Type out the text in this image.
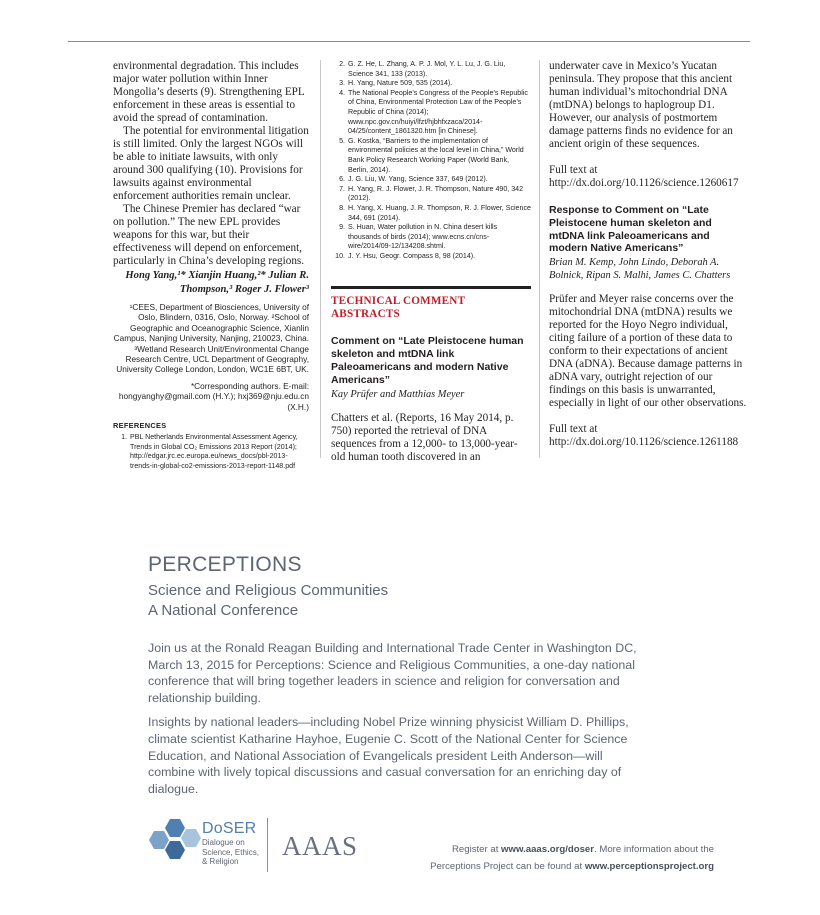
environmental degradation. This includes major water pollution within Inner Mongolia’s deserts (9). Strengthening EPL enforcement in these areas is essential to avoid the spread of contamination.

The potential for environmental litigation is still limited. Only the largest NGOs will be able to initiate lawsuits, with only around 300 qualifying (10). Provisions for lawsuits against environmental enforcement authorities remain unclear.

The Chinese Premier has declared “war on pollution.” The new EPL provides weapons for this war, but their effectiveness will depend on enforcement, particularly in China’s developing regions.

Hong Yang,¹* Xianjin Huang,²* Julian R. Thompson,³ Roger J. Flower³

¹CEES, Department of Biosciences, University of Oslo, Blindern, 0316, Oslo, Norway. ²School of Geographic and Oceanographic Science, Xianlin Campus, Nanjing University, Nanjing, 210023, China. ³Wetland Research Unit/Environmental Change Research Centre, UCL Department of Geography, University College London, London, WC1E 6BT, UK.

*Corresponding authors. E-mail: hongyanghy@gmail.com (H.Y.); hxj369@nju.edu.cn (X.H.)

REFERENCES
1. PBL Netherlands Environmental Assessment Agency, Trends in Global CO₂ Emissions 2013 Report (2014); http://edgar.jrc.ec.europa.eu/news_docs/pbl-2013-trends-in-global-co2-emissions-2013-report-1148.pdf
2. G. Z. He, L. Zhang, A. P. J. Mol, Y. L. Lu, J. G. Liu, Science 341, 133 (2013).
3. H. Yang, Nature 509, 535 (2014).
4. The National People’s Congress of the People’s Republic of China, Environmental Protection Law of the People’s Republic of China (2014); www.npc.gov.cn/huiyi/lfzt/hjbhfxzaca/2014-04/25/content_1861320.htm [in Chinese].
5. G. Kostka, “Barriers to the implementation of environmental policies at the local level in China,” World Bank Policy Research Working Paper (World Bank, Berlin, 2014).
6. J. G. Liu, W. Yang, Science 337, 649 (2012).
7. H. Yang, R. J. Flower, J. R. Thompson, Nature 490, 342 (2012).
8. H. Yang, X. Huang, J. R. Thompson, R. J. Flower, Science 344, 691 (2014).
9. S. Huan, Water pollution in N. China desert kills thousands of birds (2014); www.ecns.cn/cns-wire/2014/09-12/134208.shtml.
10. J. Y. Hsu, Geogr. Compass 8, 98 (2014).
TECHNICAL COMMENT ABSTRACTS
Comment on “Late Pleistocene human skeleton and mtDNA link Paleoamericans and modern Native Americans”
Kay Prüfer and Matthias Meyer
Chatters et al. (Reports, 16 May 2014, p. 750) reported the retrieval of DNA sequences from a 12,000- to 13,000-year-old human tooth discovered in an
underwater cave in Mexico’s Yucatan peninsula. They propose that this ancient human individual’s mitochondrial DNA (mtDNA) belongs to haplogroup D1. However, our analysis of postmortem damage patterns finds no evidence for an ancient origin of these sequences.
Full text at http://dx.doi.org/10.1126/science.1260617
Response to Comment on “Late Pleistocene human skeleton and mtDNA link Paleoamericans and modern Native Americans”
Brian M. Kemp, John Lindo, Deborah A. Bolnick, Ripan S. Malhi, James C. Chatters
Prüfer and Meyer raise concerns over the mitochondrial DNA (mtDNA) results we reported for the Hoyo Negro individual, citing failure of a portion of these data to conform to their expectations of ancient DNA (aDNA). Because damage patterns in aDNA vary, outright rejection of our findings on this basis is unwarranted, especially in light of our other observations.
Full text at http://dx.doi.org/10.1126/science.1261188
PERCEPTIONS
Science and Religious Communities
A National Conference

Join us at the Ronald Reagan Building and International Trade Center in Washington DC, March 13, 2015 for Perceptions: Science and Religious Communities, a one-day national conference that will bring together leaders in science and religion for conversation and relationship building.

Insights by national leaders—including Nobel Prize winning physicist William D. Phillips, climate scientist Katharine Hayhoe, Eugenie C. Scott of the National Center for Science Education, and National Association of Evangelicals president Leith Anderson—will combine with lively topical discussions and casual conversation for an enriching day of dialogue.

DoSER
Dialogue on
Science, Ethics,
& Religion
AAAS	Register at www.aaas.org/doser. More information about the
Perceptions Project can be found at www.perceptionsproject.org
